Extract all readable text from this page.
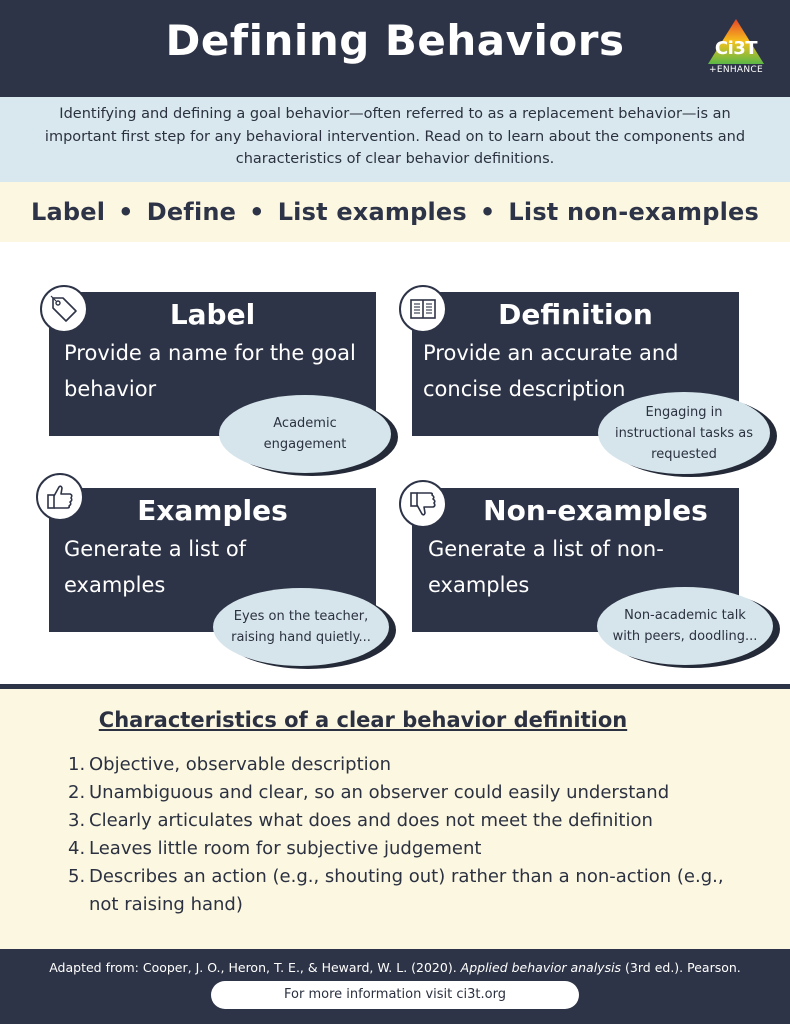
Defining Behaviors	Ci3T
+ENHANCE
Identifying and defining a goal behavior—often referred to as a replacement behavior—is an important first step for any behavioral intervention. Read on to learn about the components and characteristics of clear behavior definitions.
Label • Define • List examples • List non-examples
Label
Provide a name for the goal behavior
Academic engagement
Definition
Provide an accurate and concise description
Engaging in instructional tasks as requested
Examples
Generate a list of examples
Eyes on the teacher, raising hand quietly...
Non-examples
Generate a list of non-examples
Non-academic talk with peers, doodling...
Characteristics of a clear behavior definition
1. Objective, observable description
2. Unambiguous and clear, so an observer could easily understand
3. Clearly articulates what does and does not meet the definition
4. Leaves little room for subjective judgement
5. Describes an action (e.g., shouting out) rather than a non-action (e.g., not raising hand)
Adapted from: Cooper, J. O., Heron, T. E., & Heward, W. L. (2020). Applied behavior analysis (3rd ed.). Pearson.
For more information visit ci3t.org
